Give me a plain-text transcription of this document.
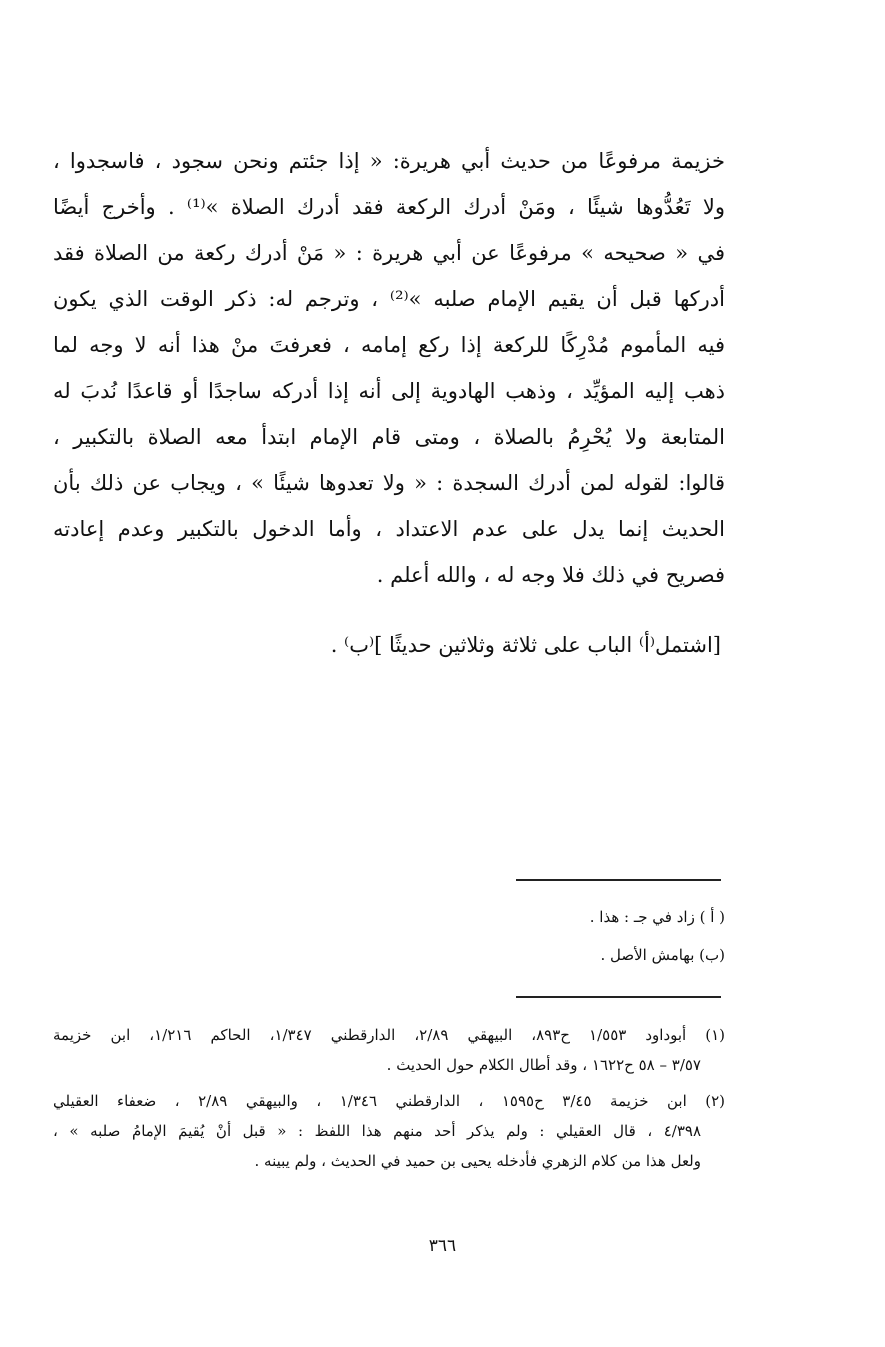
خزيمة مرفوعًا من حديث أبي هريرة: « إذا جئتم ونحن سجود ، فاسجدوا ،
ولا تَعُدُّوها شيئًا ، ومَنْ أدرك الركعة فقد أدرك الصلاة »⁽¹⁾ . وأخرج أيضًا
في « صحيحه » مرفوعًا عن أبي هريرة : « مَنْ أدرك ركعة من الصلاة فقد
أدركها قبل أن يقيم الإمام صلبه »⁽²⁾ ، وترجم له: ذكر الوقت الذي يكون
فيه المأموم مُدْرِكًا للركعة إذا ركع إمامه ، فعرفتَ منْ هذا أنه لا وجه لما
ذهب إليه المؤيِّد ، وذهب الهادوية إلى أنه إذا أدركه ساجدًا أو قاعدًا نُدبَ له
المتابعة ولا يُحْرِمُ بالصلاة ، ومتى قام الإمام ابتدأ معه الصلاة بالتكبير ،
قالوا: لقوله لمن أدرك السجدة : « ولا تعدوها شيئًا » ، ويجاب عن ذلك بأن
الحديث إنما يدل على عدم الاعتداد ، وأما الدخول بالتكبير وعدم إعادته
فصريح في ذلك فلا وجه له ، والله أعلم .
[اشتمل⁽أ⁾ الباب على ثلاثة وثلاثين حديثًا ]⁽ب⁾ .
( أ ) زاد في جـ : هذا .
(ب) بهامش الأصل .
(١) أبوداود ١/٥٥٣ ح٨٩٣، البيهقي ٢/٨٩، الدارقطني ١/٣٤٧، الحاكم ١/٢١٦، ابن خزيمة
٣/٥٧ – ٥٨ ح١٦٢٢ ، وقد أطال الكلام حول الحديث .
(٢) ابن خزيمة ٣/٤٥ ح١٥٩٥ ، الدارقطني ١/٣٤٦ ، والبيهقي ٢/٨٩ ، ضعفاء العقيلي
٤/٣٩٨ ، قال العقيلي : ولم يذكر أحد منهم هذا اللفظ : « قبل أنْ يُقيمَ الإمامُ صلبه » ،
ولعل هذا من كلام الزهري فأدخله يحيى بن حميد في الحديث ، ولم يبينه .
٣٦٦
